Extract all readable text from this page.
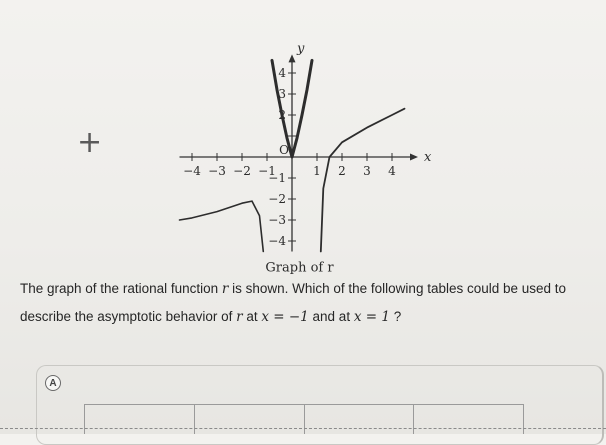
+	x
y
−4 −3 −2 −1	1 2 3 4
−4
−3
−2
−1
2
3
4
O
Graph of r
The graph of the rational function r is shown. Which of the following tables could be used to describe the asymptotic behavior of r at x = −1 and at x = 1 ?
A
